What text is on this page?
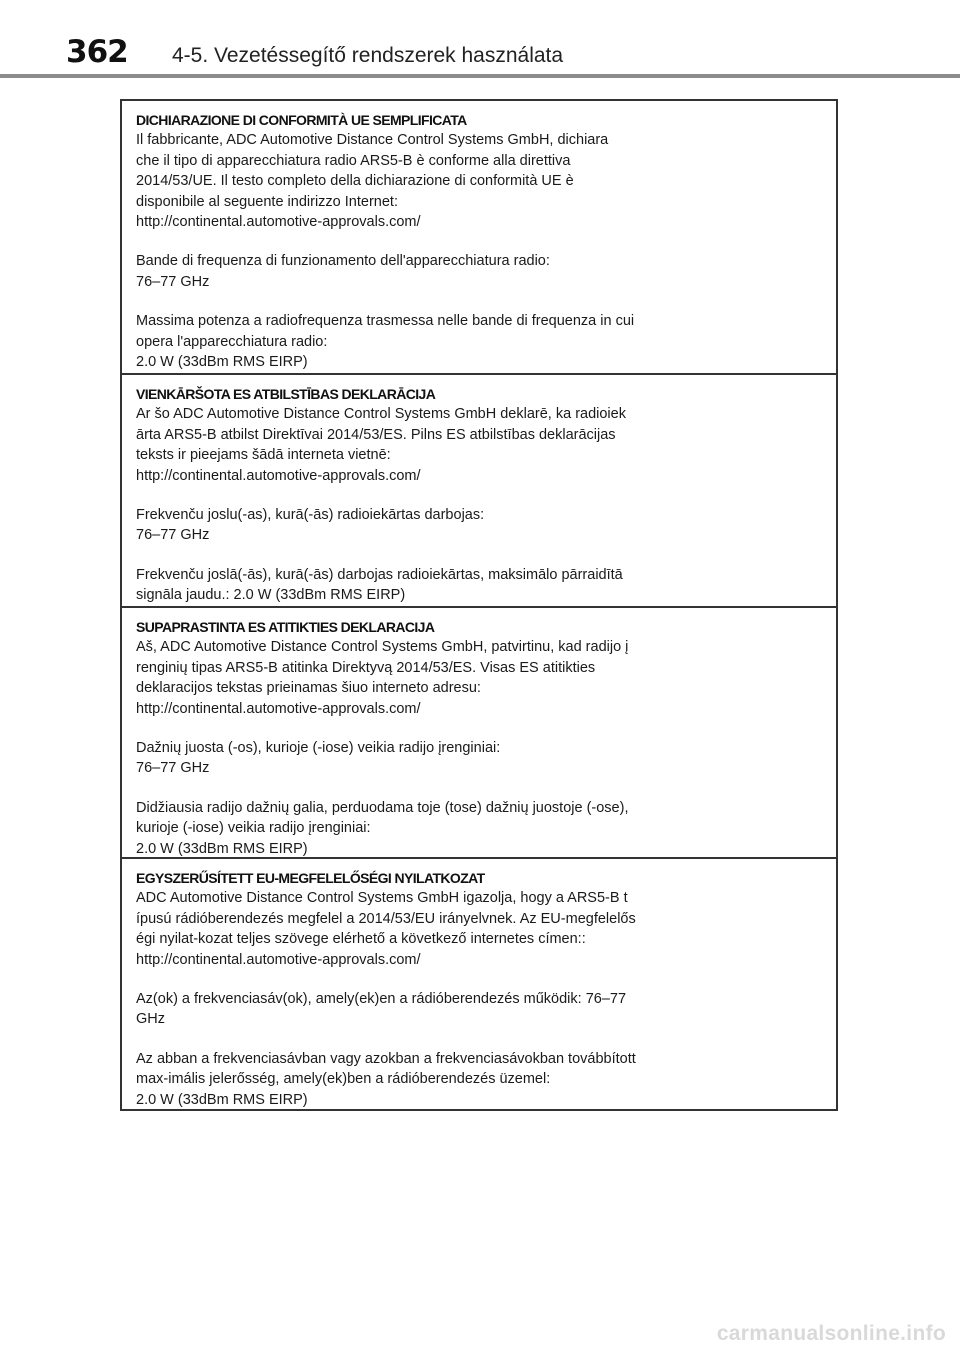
362 4-5. Vezetéssegítő rendszerek használata
DICHIARAZIONE DI CONFORMITÀ UE SEMPLIFICATA

Il fabbricante, ADC Automotive Distance Control Systems GmbH, dichiara
che il tipo di apparecchiatura radio ARS5-B è conforme alla direttiva
2014/53/UE. Il testo completo della dichiarazione di conformità UE è
disponibile al seguente indirizzo Internet:
http://continental.automotive-approvals.com/

Bande di frequenza di funzionamento dell'apparecchiatura radio:
76–77 GHz

Massima potenza a radiofrequenza trasmessa nelle bande di frequenza in cui
opera l'apparecchiatura radio:
2.0 W (33dBm RMS EIRP)

VIENKĀRŠOTA ES ATBILSTĪBAS DEKLARĀCIJA

Ar šo ADC Automotive Distance Control Systems GmbH deklarē, ka radioiek
ārta ARS5-B atbilst Direktīvai 2014/53/ES. Pilns ES atbilstības deklarācijas
teksts ir pieejams šādā interneta vietnē:
http://continental.automotive-approvals.com/

Frekvenču joslu(-as), kurā(-ās) radioiekārtas darbojas:
76–77 GHz

Frekvenču joslā(-ās), kurā(-ās) darbojas radioiekārtas, maksimālo pārraidītā
signāla jaudu.: 2.0 W (33dBm RMS EIRP)

SUPAPRASTINTA ES ATITIKTIES DEKLARACIJA

Aš, ADC Automotive Distance Control Systems GmbH, patvirtinu, kad radijo į
renginių tipas ARS5-B atitinka Direktyvą 2014/53/ES. Visas ES atitikties
deklaracijos tekstas prieinamas šiuo interneto adresu:
http://continental.automotive-approvals.com/

Dažnių juosta (-os), kurioje (-iose) veikia radijo įrenginiai:
76–77 GHz

Didžiausia radijo dažnių galia, perduodama toje (tose) dažnių juostoje (-ose),
kurioje (-iose) veikia radijo įrenginiai:
2.0 W (33dBm RMS EIRP)

EGYSZERŰSÍTETT EU-MEGFELELŐSÉGI NYILATKOZAT

ADC Automotive Distance Control Systems GmbH igazolja, hogy a ARS5-B t
ípusú rádióberendezés megfelel a 2014/53/EU irányelvnek. Az EU-megfelelős
égi nyilat-kozat teljes szövege elérhető a következő internetes címen::
http://continental.automotive-approvals.com/

Az(ok) a frekvenciasáv(ok), amely(ek)en a rádióberendezés működik: 76–77
GHz

Az abban a frekvenciasávban vagy azokban a frekvenciasávokban továbbított
max-imális jelerősség, amely(ek)ben a rádióberendezés üzemel:
2.0 W (33dBm RMS EIRP)

carmanualsonline.info
